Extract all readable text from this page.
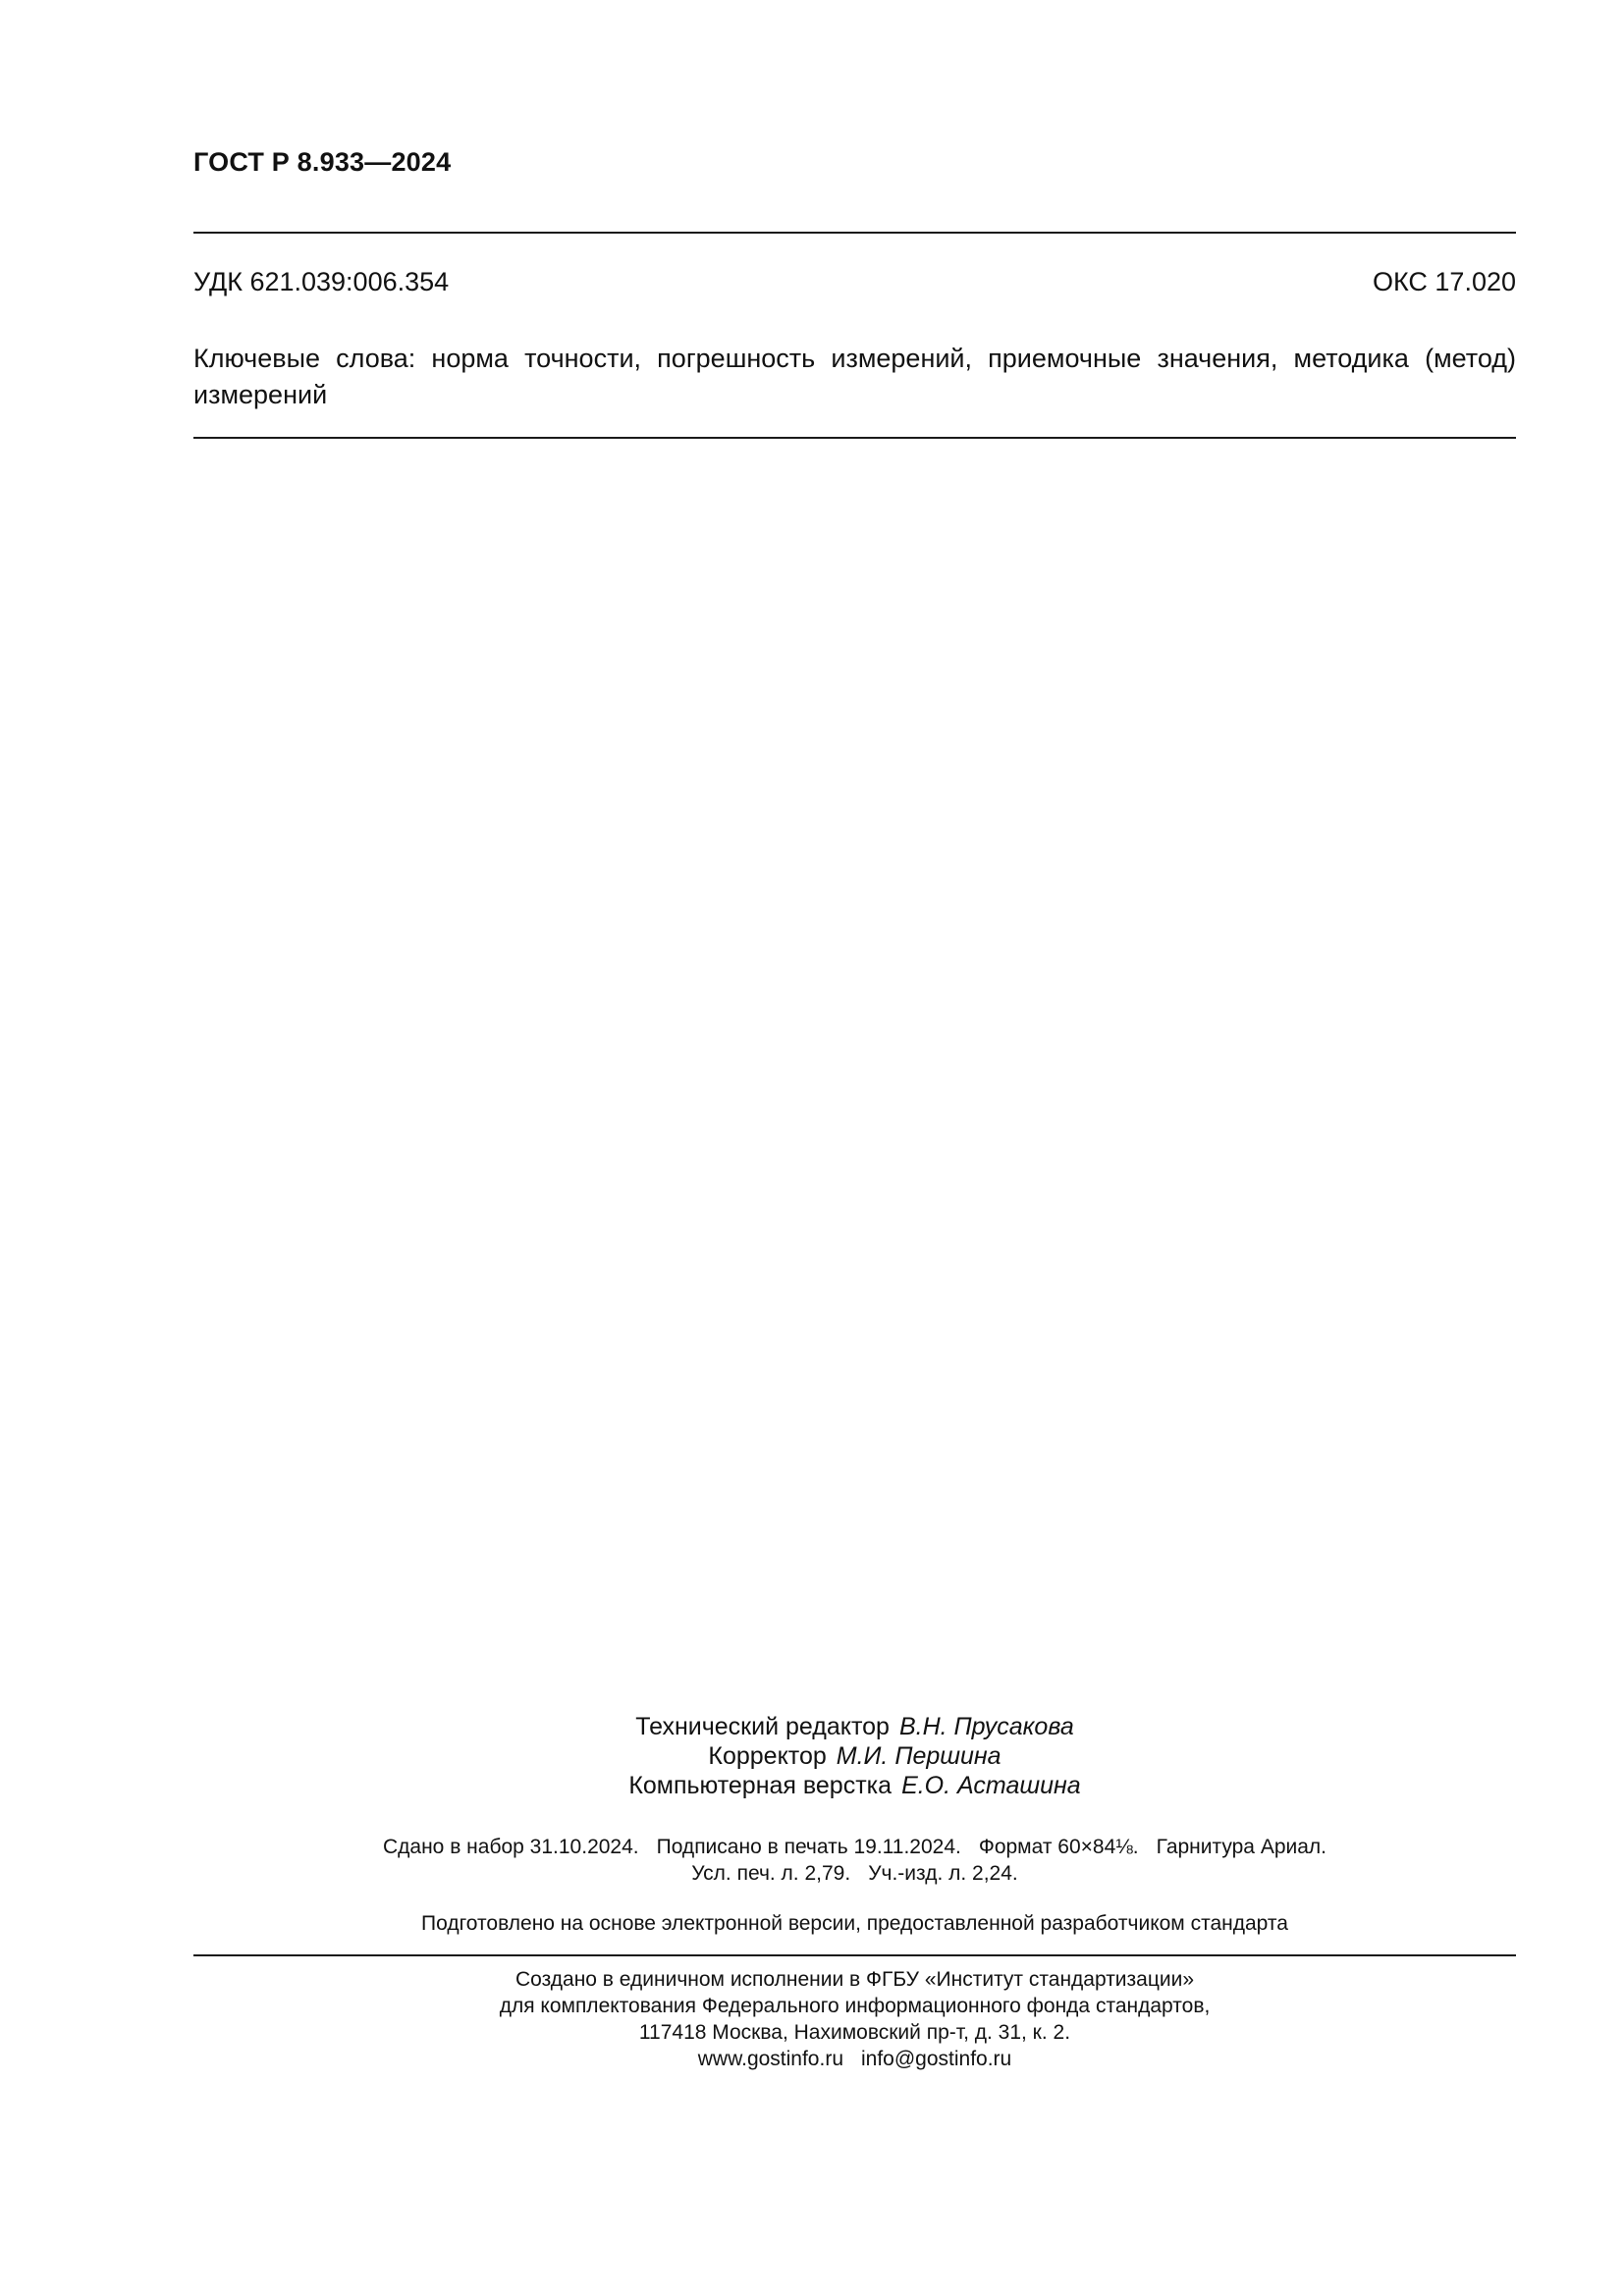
ГОСТ Р 8.933—2024
УДК 621.039:006.354	ОКС 17.020
Ключевые слова: норма точности, погрешность измерений, приемочные значения, методика (метод) измерений
Технический редактор В.Н. Прусакова
Корректор М.И. Першина
Компьютерная верстка Е.О. Асташина
Сдано в набор 31.10.2024. Подписано в печать 19.11.2024. Формат 60×84⅛. Гарнитура Ариал.
Усл. печ. л. 2,79. Уч.-изд. л. 2,24.
Подготовлено на основе электронной версии, предоставленной разработчиком стандарта
Создано в единичном исполнении в ФГБУ «Институт стандартизации»
для комплектования Федерального информационного фонда стандартов,
117418 Москва, Нахимовский пр-т, д. 31, к. 2.
www.gostinfo.ru info@gostinfo.ru
